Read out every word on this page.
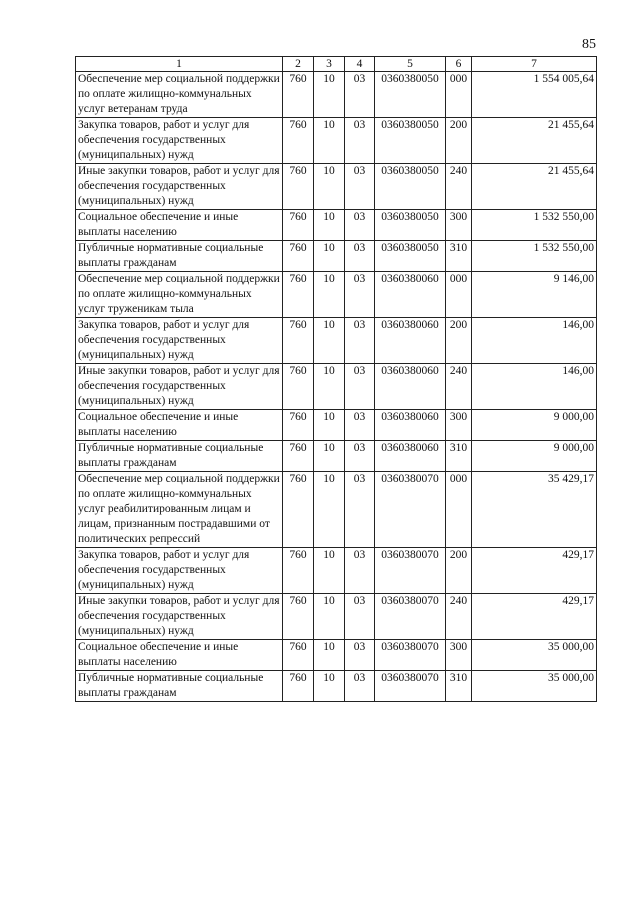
85
1	2	3	4	5	6	7
Обеспечение мер социальной поддержки по оплате жилищно-коммунальных услуг ветеранам труда	760	10	03	0360380050	000	1 554 005,64
Закупка товаров, работ и услуг для обеспечения государственных (муниципальных) нужд	760	10	03	0360380050	200	21 455,64
Иные закупки товаров, работ и услуг для обеспечения государственных (муниципальных) нужд	760	10	03	0360380050	240	21 455,64
Социальное обеспечение и иные выплаты населению	760	10	03	0360380050	300	1 532 550,00
Публичные нормативные социальные выплаты гражданам	760	10	03	0360380050	310	1 532 550,00
Обеспечение мер социальной поддержки по оплате жилищно-коммунальных услуг труженикам тыла	760	10	03	0360380060	000	9 146,00
Закупка товаров, работ и услуг для обеспечения государственных (муниципальных) нужд	760	10	03	0360380060	200	146,00
Иные закупки товаров, работ и услуг для обеспечения государственных (муниципальных) нужд	760	10	03	0360380060	240	146,00
Социальное обеспечение и иные выплаты населению	760	10	03	0360380060	300	9 000,00
Публичные нормативные социальные выплаты гражданам	760	10	03	0360380060	310	9 000,00
Обеспечение мер социальной поддержки по оплате жилищно-коммунальных услуг реабилитированным лицам и лицам, признанным пострадавшими от политических репрессий	760	10	03	0360380070	000	35 429,17
Закупка товаров, работ и услуг для обеспечения государственных (муниципальных) нужд	760	10	03	0360380070	200	429,17
Иные закупки товаров, работ и услуг для обеспечения государственных (муниципальных) нужд	760	10	03	0360380070	240	429,17
Социальное обеспечение и иные выплаты населению	760	10	03	0360380070	300	35 000,00
Публичные нормативные социальные выплаты гражданам	760	10	03	0360380070	310	35 000,00
